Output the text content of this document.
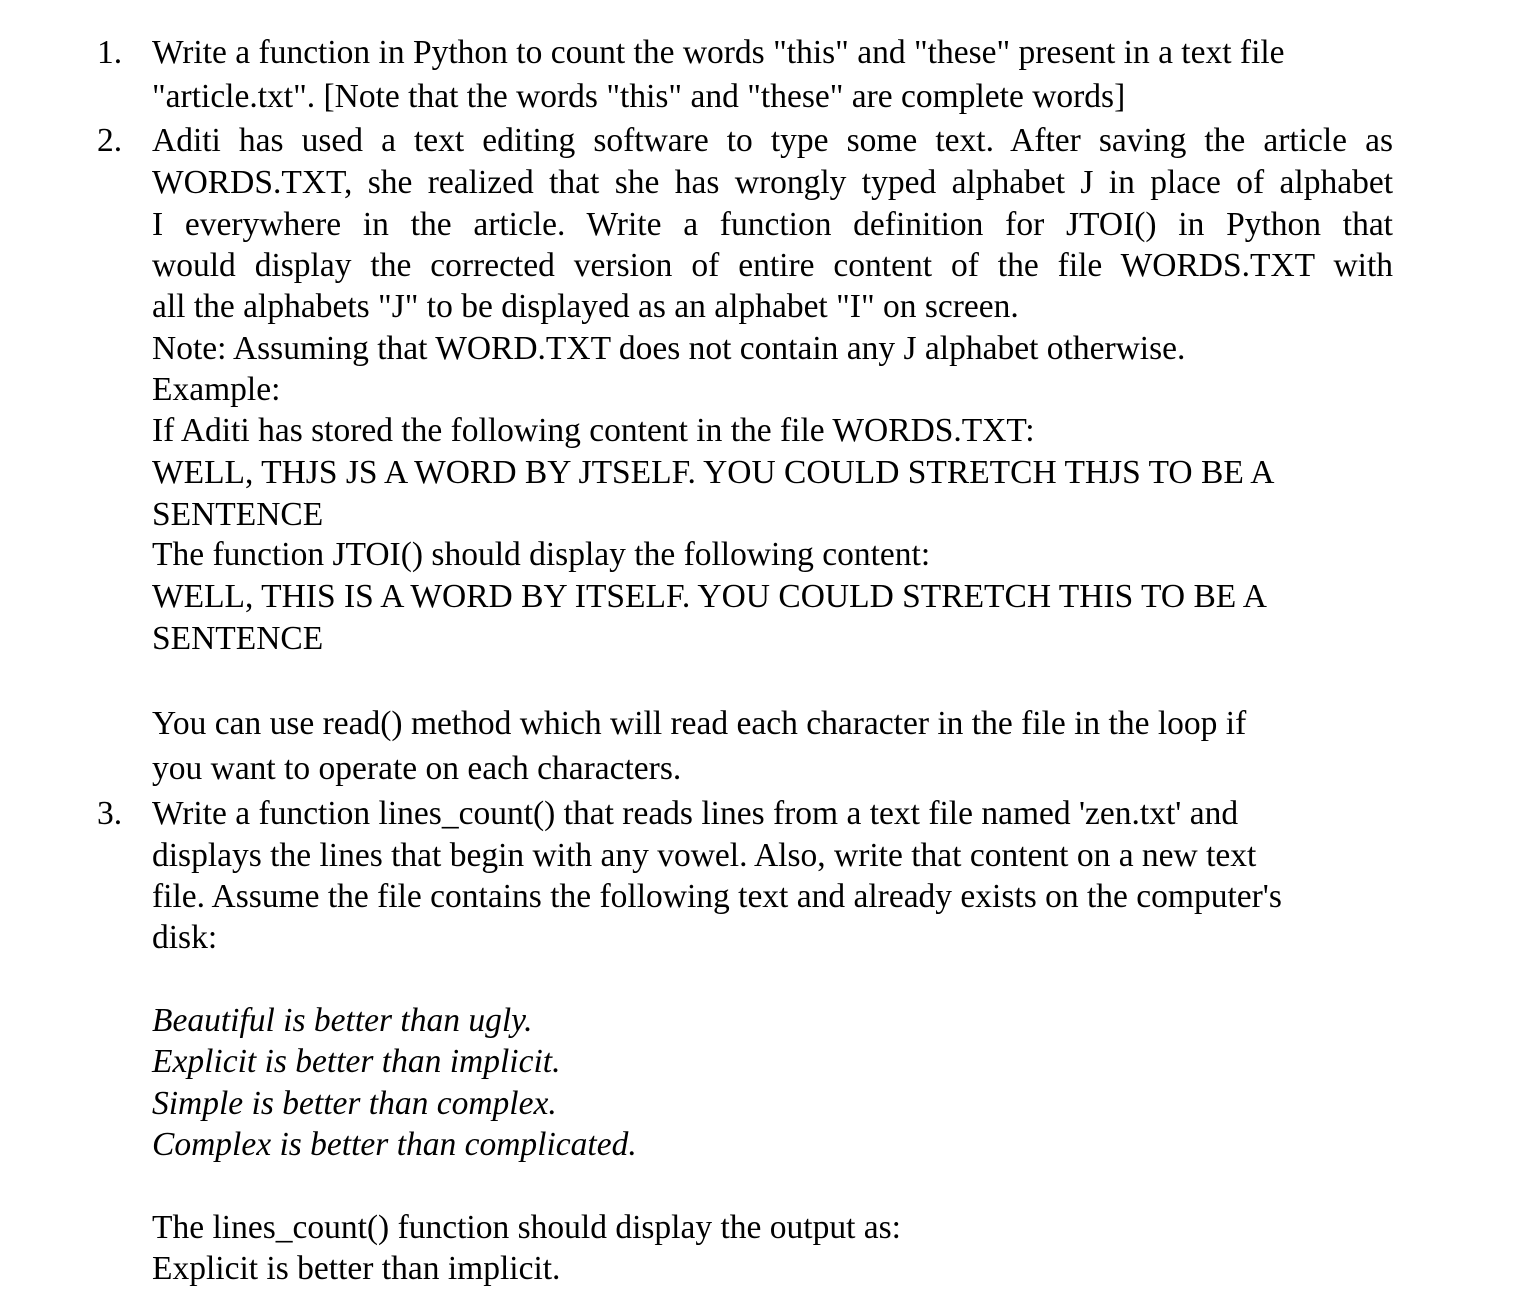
1. Write a function in Python to count the words "this" and "these" present in a text file
"article.txt". [Note that the words "this" and "these" are complete words]
2. Aditi has used a text editing software to type some text. After saving the article as
WORDS.TXT, she realized that she has wrongly typed alphabet J in place of alphabet
I everywhere in the article. Write a function definition for JTOI() in Python that
would display the corrected version of entire content of the file WORDS.TXT with
all the alphabets "J" to be displayed as an alphabet "I" on screen.
Note: Assuming that WORD.TXT does not contain any J alphabet otherwise.
Example:
If Aditi has stored the following content in the file WORDS.TXT:
WELL, THJS JS A WORD BY JTSELF. YOU COULD STRETCH THJS TO BE A
SENTENCE
The function JTOI() should display the following content:
WELL, THIS IS A WORD BY ITSELF. YOU COULD STRETCH THIS TO BE A
SENTENCE
You can use read() method which will read each character in the file in the loop if
you want to operate on each characters.
3. Write a function lines_count() that reads lines from a text file named 'zen.txt' and
displays the lines that begin with any vowel. Also, write that content on a new text
file. Assume the file contains the following text and already exists on the computer's
disk:
Beautiful is better than ugly.
Explicit is better than implicit.
Simple is better than complex.
Complex is better than complicated.
The lines_count() function should display the output as:
Explicit is better than implicit.
